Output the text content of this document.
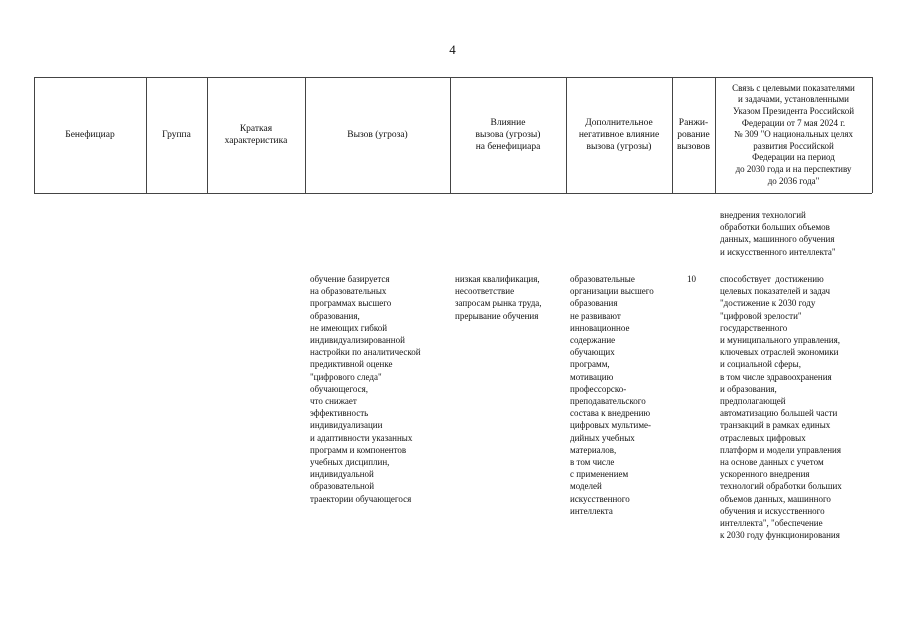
4
Бенефициар	Группа
Краткая
характеристика
Вызов (угроза)
Влияние
вызова (угрозы)
на бенефициара
Дополнительное
негативное влияние
вызова (угрозы)
Ранжи-
рование
вызовов
Связь с целевыми показателями
и задачами, установленными
Указом Президента Российской
Федерации от 7 мая 2024 г.
№ 309 "О национальных целях
развития Российской
Федерации на период
до 2030 года и на перспективу
до 2036 года"
внедрения технологий
обработки больших объемов
данных, машинного обучения
и искусственного интеллекта"
обучение базируется
на образовательных
программах высшего
образования,
не имеющих гибкой
индивидуализированной
настройки по аналитической
предиктивной оценке
"цифрового следа"
обучающегося,
что снижает
эффективность
индивидуализации
и адаптивности указанных
программ и компонентов
учебных дисциплин,
индивидуальной
образовательной
траектории обучающегося
низкая квалификация,
несоответствие
запросам рынка труда,
прерывание обучения
образовательные
организации высшего
образования
не развивают
инновационное
содержание
обучающих
программ,
мотивацию
профессорско-
преподавательского
состава к внедрению
цифровых мультиме-
дийных учебных
материалов,
в том числе
с применением
моделей
искусственного
интеллекта
10	способствует  достижению
целевых показателей и задач
"достижение к 2030 году
"цифровой зрелости"
государственного
и муниципального управления,
ключевых отраслей экономики
и социальной сферы,
в том числе здравоохранения
и образования,
предполагающей
автоматизацию большей части
транзакций в рамках единых
отраслевых цифровых
платформ и модели управления
на основе данных с учетом
ускоренного внедрения
технологий обработки больших
объемов данных, машинного
обучения и искусственного
интеллекта", "обеспечение
к 2030 году функционирования
